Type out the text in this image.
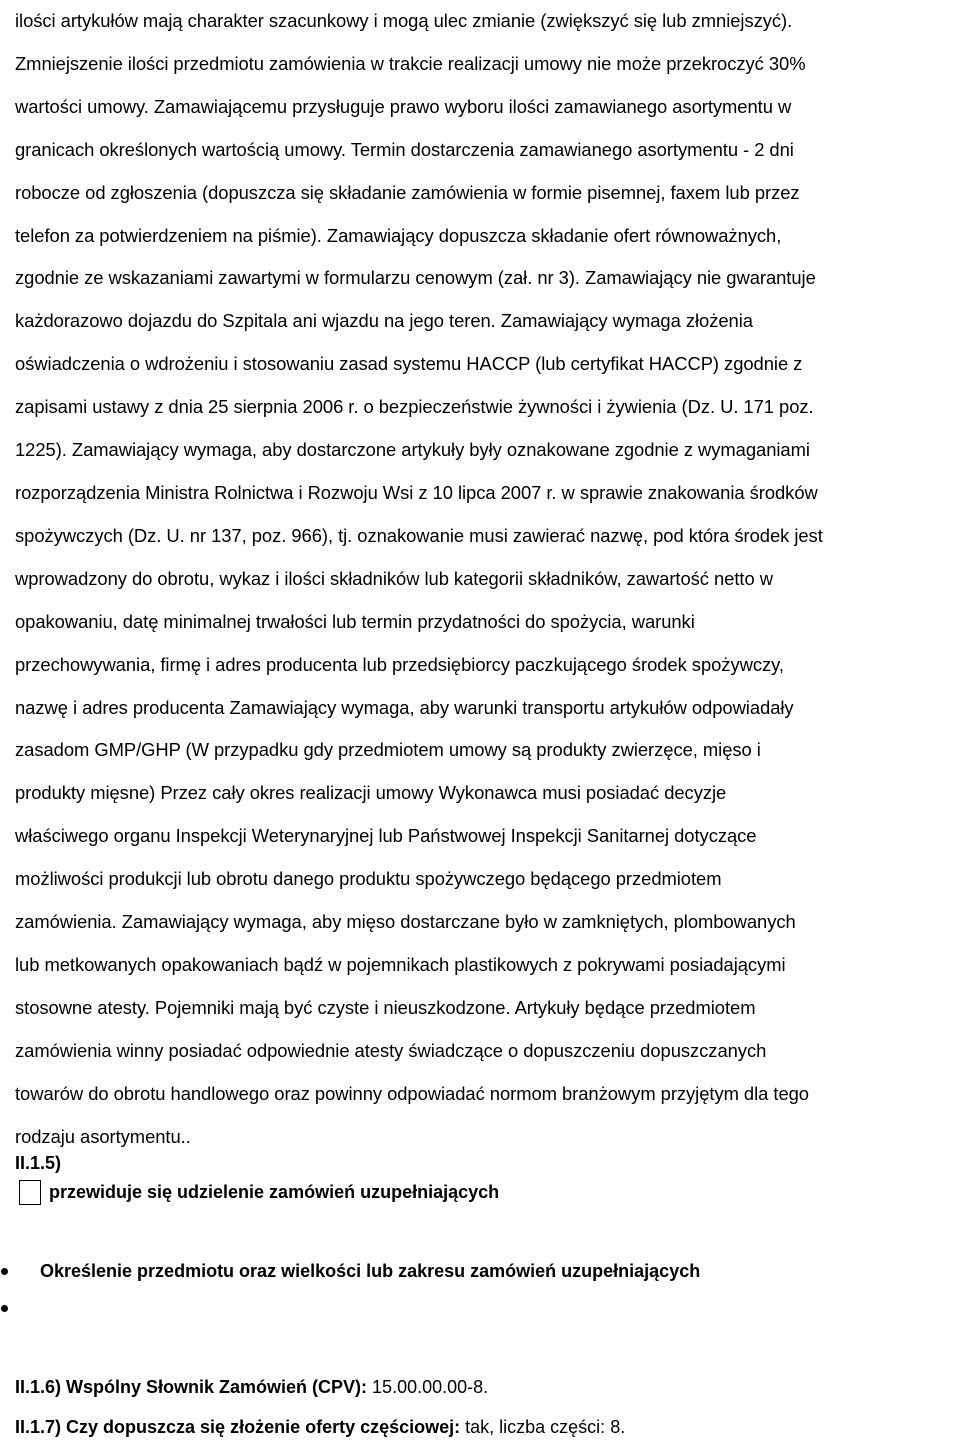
ilości artykułów mają charakter szacunkowy i mogą ulec zmianie (zwiększyć się lub zmniejszyć).
Zmniejszenie ilości przedmiotu zamówienia w trakcie realizacji umowy nie może przekroczyć 30%
wartości umowy. Zamawiającemu przysługuje prawo wyboru ilości zamawianego asortymentu w
granicach określonych wartością umowy. Termin dostarczenia zamawianego asortymentu - 2 dni
robocze od zgłoszenia (dopuszcza się składanie zamówienia w formie pisemnej, faxem lub przez
telefon za potwierdzeniem na piśmie). Zamawiający dopuszcza składanie ofert równoważnych,
zgodnie ze wskazaniami zawartymi w formularzu cenowym (zał. nr 3). Zamawiający nie gwarantuje
każdorazowo dojazdu do Szpitala ani wjazdu na jego teren. Zamawiający wymaga złożenia
oświadczenia o wdrożeniu i stosowaniu zasad systemu HACCP (lub certyfikat HACCP) zgodnie z
zapisami ustawy z dnia 25 sierpnia 2006 r. o bezpieczeństwie żywności i żywienia (Dz. U. 171 poz.
1225). Zamawiający wymaga, aby dostarczone artykuły były oznakowane zgodnie z wymaganiami
rozporządzenia Ministra Rolnictwa i Rozwoju Wsi z 10 lipca 2007 r. w sprawie znakowania środków
spożywczych (Dz. U. nr 137, poz. 966), tj. oznakowanie musi zawierać nazwę, pod która środek jest
wprowadzony do obrotu, wykaz i ilości składników lub kategorii składników, zawartość netto w
opakowaniu, datę minimalnej trwałości lub termin przydatności do spożycia, warunki
przechowywania, firmę i adres producenta lub przedsiębiorcy paczkującego środek spożywczy,
nazwę i adres producenta Zamawiający wymaga, aby warunki transportu artykułów odpowiadały
zasadom GMP/GHP (W przypadku gdy przedmiotem umowy są produkty zwierzęce, mięso i
produkty mięsne) Przez cały okres realizacji umowy Wykonawca musi posiadać decyzje
właściwego organu Inspekcji Weterynaryjnej lub Państwowej Inspekcji Sanitarnej dotyczące
możliwości produkcji lub obrotu danego produktu spożywczego będącego przedmiotem
zamówienia. Zamawiający wymaga, aby mięso dostarczane było w zamkniętych, plombowanych
lub metkowanych opakowaniach bądź w pojemnikach plastikowych z pokrywami posiadającymi
stosowne atesty. Pojemniki mają być czyste i nieuszkodzone. Artykuły będące przedmiotem
zamówienia winny posiadać odpowiednie atesty świadczące o dopuszczeniu dopuszczanych
towarów do obrotu handlowego oraz powinny odpowiadać normom branżowym przyjętym dla tego
rodzaju asortymentu..

II.1.5)
przewiduje się udzielenie zamówień uzupełniających
Określenie przedmiotu oraz wielkości lub zakresu zamówień uzupełniających
II.1.6) Wspólny Słownik Zamówień (CPV): 15.00.00.00-8.
II.1.7) Czy dopuszcza się złożenie oferty częściowej: tak, liczba części: 8.
